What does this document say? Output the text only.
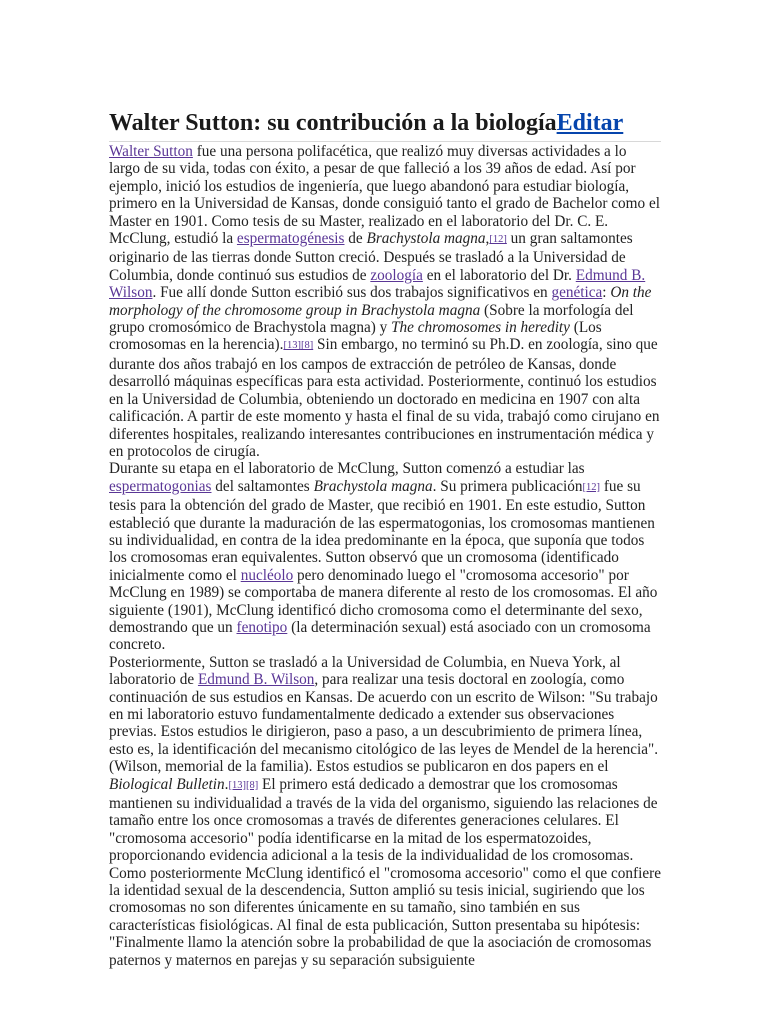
Walter Sutton: su contribución a la biologíaEditar

Walter Sutton fue una persona polifacética, que realizó muy diversas actividades a lo largo de su vida, todas con éxito, a pesar de que falleció a los 39 años de edad. Así por ejemplo, inició los estudios de ingeniería, que luego abandonó para estudiar biología, primero en la Universidad de Kansas, donde consiguió tanto el grado de Bachelor como el Master en 1901. Como tesis de su Master, realizado en el laboratorio del Dr. C. E. McClung, estudió la espermatogénesis de Brachystola magna,[12] un gran saltamontes originario de las tierras donde Sutton creció. Después se trasladó a la Universidad de Columbia, donde continuó sus estudios de zoología en el laboratorio del Dr. Edmund B. Wilson. Fue allí donde Sutton escribió sus dos trabajos significativos en genética: On the morphology of the chromosome group in Brachystola magna (Sobre la morfología del grupo cromosómico de Brachystola magna) y The chromosomes in heredity (Los cromosomas en la herencia).[13][8] Sin embargo, no terminó su Ph.D. en zoología, sino que durante dos años trabajó en los campos de extracción de petróleo de Kansas, donde desarrolló máquinas específicas para esta actividad. Posteriormente, continuó los estudios en la Universidad de Columbia, obteniendo un doctorado en medicina en 1907 con alta calificación. A partir de este momento y hasta el final de su vida, trabajó como cirujano en diferentes hospitales, realizando interesantes contribuciones en instrumentación médica y en protocolos de cirugía.

Durante su etapa en el laboratorio de McClung, Sutton comenzó a estudiar las espermatogonias del saltamontes Brachystola magna. Su primera publicación[12] fue su tesis para la obtención del grado de Master, que recibió en 1901. En este estudio, Sutton estableció que durante la maduración de las espermatogonias, los cromosomas mantienen su individualidad, en contra de la idea predominante en la época, que suponía que todos los cromosomas eran equivalentes. Sutton observó que un cromosoma (identificado inicialmente como el nucléolo pero denominado luego el "cromosoma accesorio" por McClung en 1989) se comportaba de manera diferente al resto de los cromosomas. El año siguiente (1901), McClung identificó dicho cromosoma como el determinante del sexo, demostrando que un fenotipo (la determinación sexual) está asociado con un cromosoma concreto.

Posteriormente, Sutton se trasladó a la Universidad de Columbia, en Nueva York, al laboratorio de Edmund B. Wilson, para realizar una tesis doctoral en zoología, como continuación de sus estudios en Kansas. De acuerdo con un escrito de Wilson: "Su trabajo en mi laboratorio estuvo fundamentalmente dedicado a extender sus observaciones previas. Estos estudios le dirigieron, paso a paso, a un descubrimiento de primera línea, esto es, la identificación del mecanismo citológico de las leyes de Mendel de la herencia". (Wilson, memorial de la familia). Estos estudios se publicaron en dos papers en el Biological Bulletin.[13][8] El primero está dedicado a demostrar que los cromosomas mantienen su individualidad a través de la vida del organismo, siguiendo las relaciones de tamaño entre los once cromosomas a través de diferentes generaciones celulares. El "cromosoma accesorio" podía identificarse en la mitad de los espermatozoides, proporcionando evidencia adicional a la tesis de la individualidad de los cromosomas. Como posteriormente McClung identificó el "cromosoma accesorio" como el que confiere la identidad sexual de la descendencia, Sutton amplió su tesis inicial, sugiriendo que los cromosomas no son diferentes únicamente en su tamaño, sino también en sus características fisiológicas. Al final de esta publicación, Sutton presentaba su hipótesis: "Finalmente llamo la atención sobre la probabilidad de que la asociación de cromosomas paternos y maternos en parejas y su separación subsiguiente
